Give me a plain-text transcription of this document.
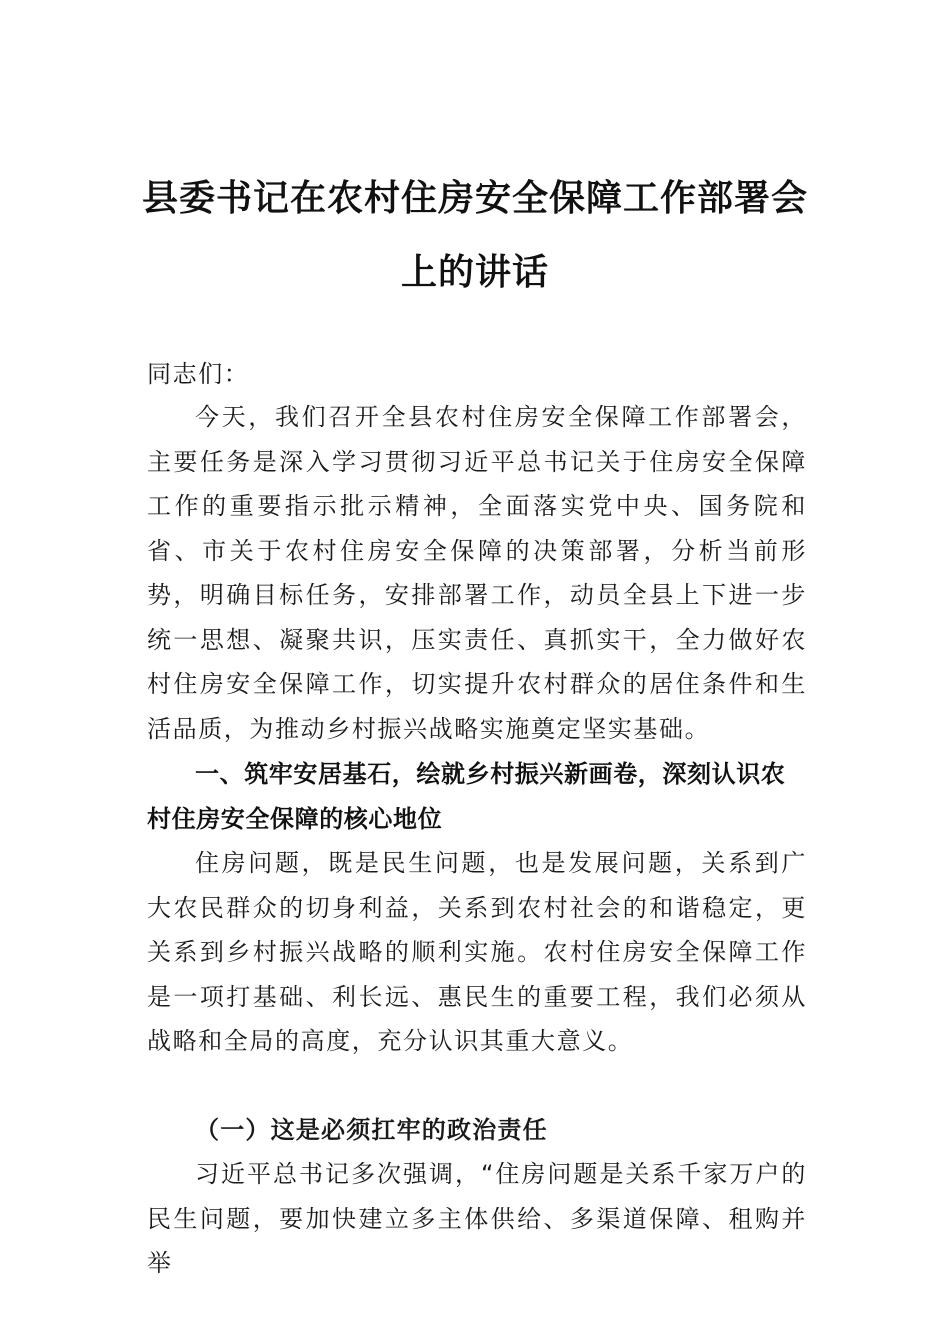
县委书记在农村住房安全保障工作部署会
上的讲话

同志们：

今天，我们召开全县农村住房安全保障工作部署会，主要任务是深入学习贯彻习近平总书记关于住房安全保障工作的重要指示批示精神，全面落实党中央、国务院和省、市关于农村住房安全保障的决策部署，分析当前形势，明确目标任务，安排部署工作，动员全县上下进一步统一思想、凝聚共识，压实责任、真抓实干，全力做好农村住房安全保障工作，切实提升农村群众的居住条件和生活品质，为推动乡村振兴战略实施奠定坚实基础。

一、筑牢安居基石，绘就乡村振兴新画卷，深刻认识农村住房安全保障的核心地位

住房问题，既是民生问题，也是发展问题，关系到广大农民群众的切身利益，关系到农村社会的和谐稳定，更关系到乡村振兴战略的顺利实施。农村住房安全保障工作是一项打基础、利长远、惠民生的重要工程，我们必须从战略和全局的高度，充分认识其重大意义。

（一）这是必须扛牢的政治责任

习近平总书记多次强调，“住房问题是关系千家万户的民生问题，要加快建立多主体供给、多渠道保障、租购并举
